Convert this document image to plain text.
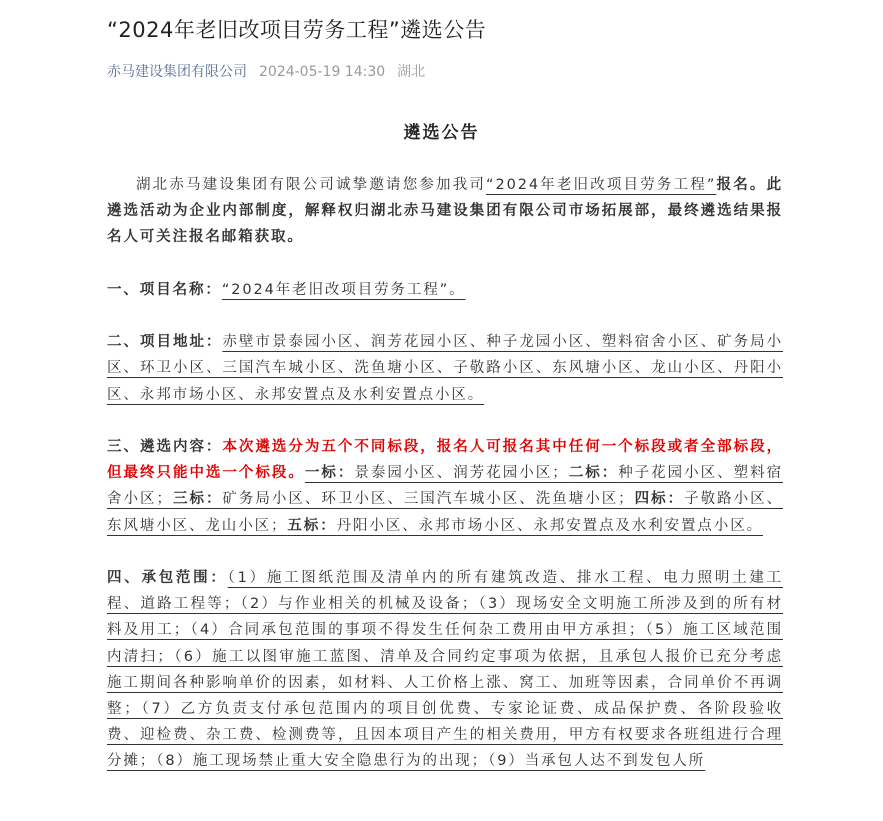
“2024年老旧改项目劳务工程”遴选公告
赤马建设集团有限公司 2024-05-19 14:30 湖北
遴选公告

湖北赤马建设集团有限公司诚挚邀请您参加我司“2024年老旧改项目劳务工程”报名。此遴选活动为企业内部制度，解释权归湖北赤马建设集团有限公司市场拓展部，最终遴选结果报名人可关注报名邮箱获取。

一、项目名称：“2024年老旧改项目劳务工程”。

二、项目地址：赤壁市景泰园小区、润芳花园小区、种子龙园小区、塑料宿舍小区、矿务局小区、环卫小区、三国汽车城小区、洗鱼塘小区、子敬路小区、东风塘小区、龙山小区、丹阳小区、永邦市场小区、永邦安置点及水利安置点小区。

三、遴选内容：本次遴选分为五个不同标段，报名人可报名其中任何一个标段或者全部标段，但最终只能中选一个标段。一标：景泰园小区、润芳花园小区；二标：种子花园小区、塑料宿舍小区；三标：矿务局小区、环卫小区、三国汽车城小区、洗鱼塘小区；四标：子敬路小区、东风塘小区、龙山小区；五标：丹阳小区、永邦市场小区、永邦安置点及水利安置点小区。

四、承包范围：（1）施工图纸范围及清单内的所有建筑改造、排水工程、电力照明土建工程、道路工程等；（2）与作业相关的机械及设备；（3）现场安全文明施工所涉及到的所有材料及用工；（4）合同承包范围的事项不得发生任何杂工费用由甲方承担；（5）施工区域范围内清扫；（6）施工以图审施工蓝图、清单及合同约定事项为依据，且承包人报价已充分考虑施工期间各种影响单价的因素，如材料、人工价格上涨、窝工、加班等因素，合同单价不再调整；（7）乙方负责支付承包范围内的项目创优费、专家论证费、成品保护费、各阶段验收费、迎检费、杂工费、检测费等，且因本项目产生的相关费用，甲方有权要求各班组进行合理分摊；（8）施工现场禁止重大安全隐患行为的出现；（9）当承包人达不到发包人所
